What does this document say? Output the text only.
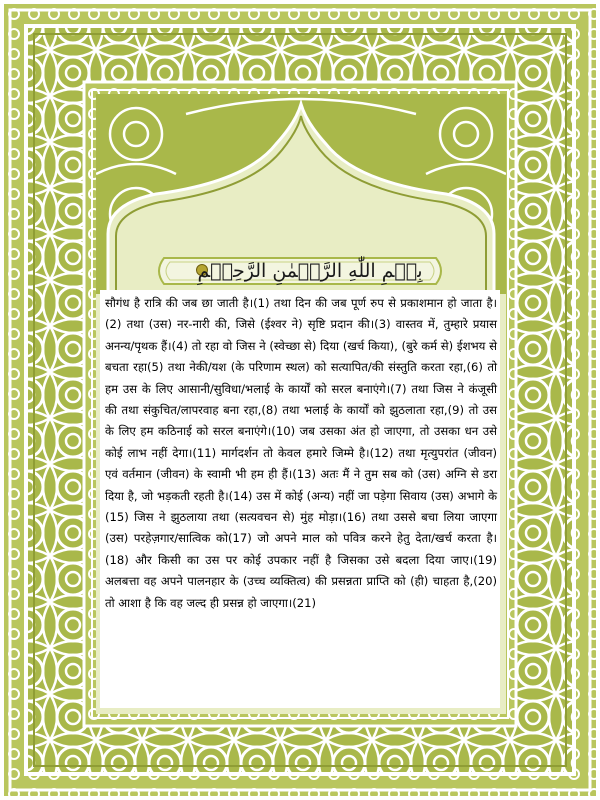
بِسۡمِ اللّٰهِ الرَّحۡمٰنِ الرَّحِيۡمِ

सौगंध है रात्रि की जब छा जाती है।(1) तथा दिन की जब पूर्ण रुप से प्रकाशमान हो जाता है।(2) तथा (उस) नर-नारी की, जिसे (ईश्वर ने) सृष्टि प्रदान की।(3) वास्तव में, तुम्हारे प्रयास अनन्य/पृथक हैं।(4) तो रहा वो जिस ने (स्वेच्छा से) दिया (खर्च किया), (बुरे कर्म से) ईशभय से बचता रहा(5) तथा नेकी/यश (के परिणाम स्थल) को सत्यापित/की संस्तुति करता रहा,(6) तो हम उस के लिए आसानी/सुविधा/भलाई के कार्यों को सरल बनाएंगे।(7) तथा जिस ने कंजूसी की तथा संकुचित/लापरवाह बना रहा,(8) तथा भलाई के कार्यों को झुठलाता रहा,(9) तो उस के लिए हम कठिनाई को सरल बनाएंगे।(10) जब उसका अंत हो जाएगा, तो उसका धन उसे कोई लाभ नहीं देगा।(11) मार्गदर्शन तो केवल हमारे जिम्मे है।(12) तथा मृत्युपरांत (जीवन) एवं वर्तमान (जीवन) के स्वामी भी हम ही हैं।(13) अतः मैं ने तुम सब को (उस) अग्नि से डरा दिया है, जो भड़कती रहती है।(14) उस में कोई (अन्य) नहीं जा पड़ेगा सिवाय (उस) अभागे के (15) जिस ने झुठलाया तथा (सत्यवचन से) मुंह मोड़ा।(16) तथा उससे बचा लिया जाएगा (उस) परहेज़गार/सात्विक को(17) जो अपने माल को पवित्र करने हेतु देता/खर्च करता है।(18) और किसी का उस पर कोई उपकार नहीं है जिसका उसे बदला दिया जाए।(19) अलबत्ता वह अपने पालनहार के (उच्च व्यक्तित्व) की प्रसन्नता प्राप्ति को (ही) चाहता है,(20) तो आशा है कि वह जल्द ही प्रसन्न हो जाएगा।(21)
